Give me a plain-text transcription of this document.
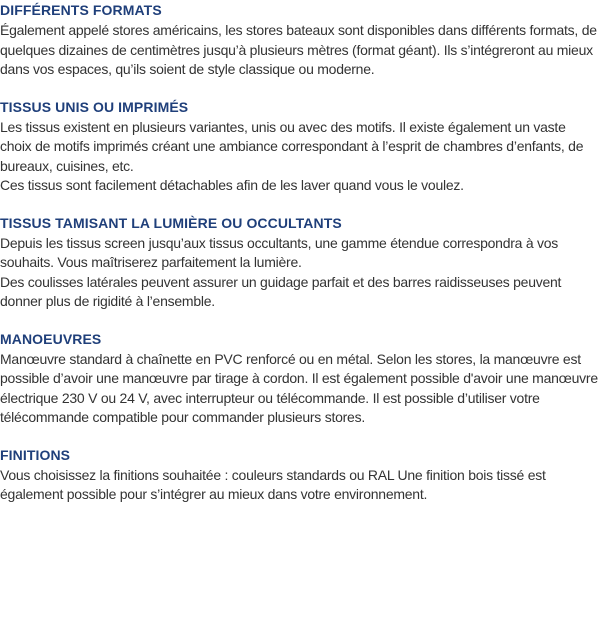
DIFFÉRENTS FORMATS

Également appelé stores américains, les stores bateaux sont disponibles dans différents formats, de quelques dizaines de centimètres jusqu’à plusieurs mètres (format géant). Ils s’intégreront au mieux dans vos espaces, qu’ils soient de style classique ou moderne.

TISSUS UNIS OU IMPRIMÉS

Les tissus existent en plusieurs variantes, unis ou avec des motifs. Il existe également un vaste choix de motifs imprimés créant une ambiance correspondant à l’esprit de chambres d’enfants, de bureaux, cuisines, etc.

Ces tissus sont facilement détachables afin de les laver quand vous le voulez.

TISSUS TAMISANT LA LUMIÈRE OU OCCULTANTS

Depuis les tissus screen jusqu’aux tissus occultants, une gamme étendue correspondra à vos souhaits. Vous maîtriserez parfaitement la lumière.

Des coulisses latérales peuvent assurer un guidage parfait et des barres raidisseuses peuvent donner plus de rigidité à l’ensemble.

MANOEUVRES

Manœuvre standard à chaînette en PVC renforcé ou en métal. Selon les stores, la manœuvre est possible d’avoir une manœuvre par tirage à cordon. Il est également possible d'avoir une manœuvre électrique 230 V ou 24 V, avec interrupteur ou télécommande. Il est possible d’utiliser votre télécommande compatible pour commander plusieurs stores.

FINITIONS

Vous choisissez la finitions souhaitée : couleurs standards ou RAL Une finition bois tissé est également possible pour s’intégrer au mieux dans votre environnement.
